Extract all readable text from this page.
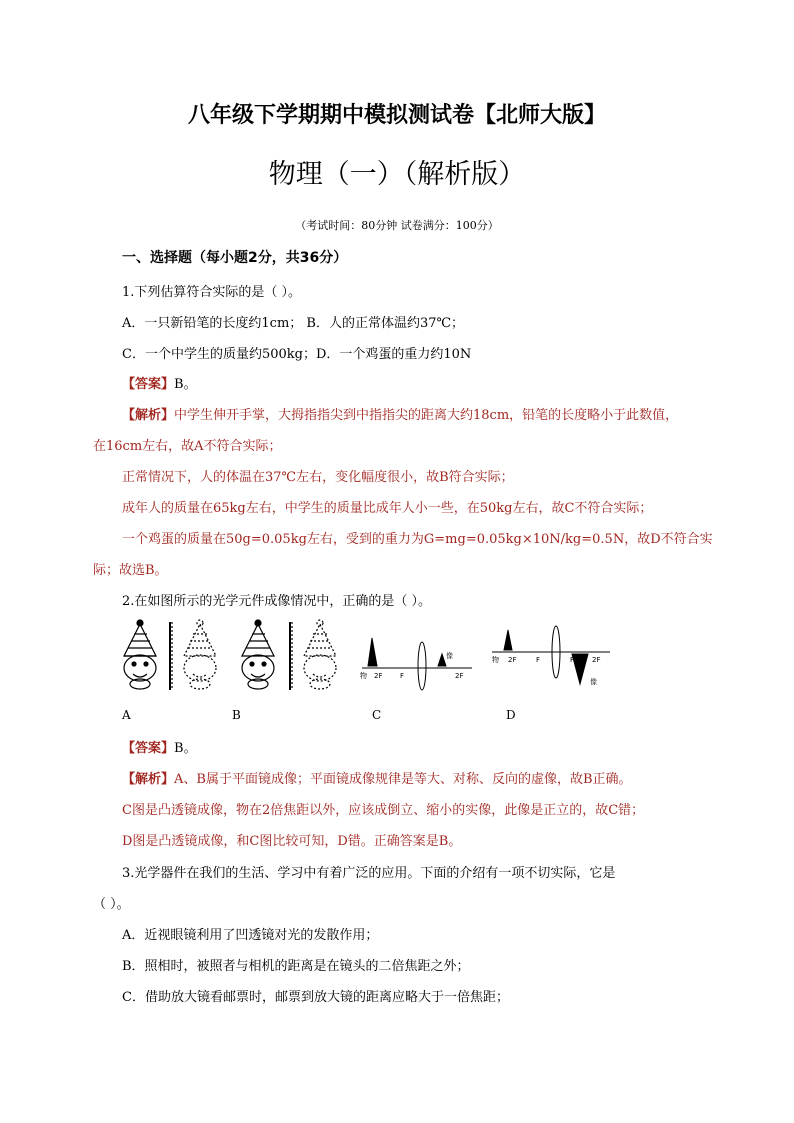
八年级下学期期中模拟测试卷【北师大版】
物理（一）（解析版）
（考试时间：80分钟 试卷满分：100分）
一、选择题（每小题2分，共36分）
1.下列估算符合实际的是（ ）。
A．一只新铅笔的长度约1cm； B．人的正常体温约37℃；
C．一个中学生的质量约500kg；D．一个鸡蛋的重力约10N
【答案】B。
【解析】中学生伸开手掌，大拇指指尖到中指指尖的距离大约18cm，铅笔的长度略小于此数值，
在16cm左右，故A不符合实际；
正常情况下，人的体温在37℃左右，变化幅度很小，故B符合实际；
成年人的质量在65kg左右，中学生的质量比成年人小一些，在50kg左右，故C不符合实际；
一个鸡蛋的质量在50g=0.05kg左右，受到的重力为G=mg=0.05kg×10N/kg=0.5N，故D不符合实
际；故选B。
2.在如图所示的光学元件成像情况中，正确的是（ ）。
物 2F	F
像
2F
物 2F	F	F	2F
像
A	B	C	D
【答案】B。
【解析】A、B属于平面镜成像；平面镜成像规律是等大、对称、反向的虚像，故B正确。
C图是凸透镜成像，物在2倍焦距以外，应该成倒立、缩小的实像，此像是正立的，故C错；
D图是凸透镜成像，和C图比较可知，D错。正确答案是B。
3.光学器件在我们的生活、学习中有着广泛的应用。下面的介绍有一项不切实际，它是
（ ）。
A．近视眼镜利用了凹透镜对光的发散作用；
B．照相时，被照者与相机的距离是在镜头的二倍焦距之外；
C．借助放大镜看邮票时，邮票到放大镜的距离应略大于一倍焦距；
